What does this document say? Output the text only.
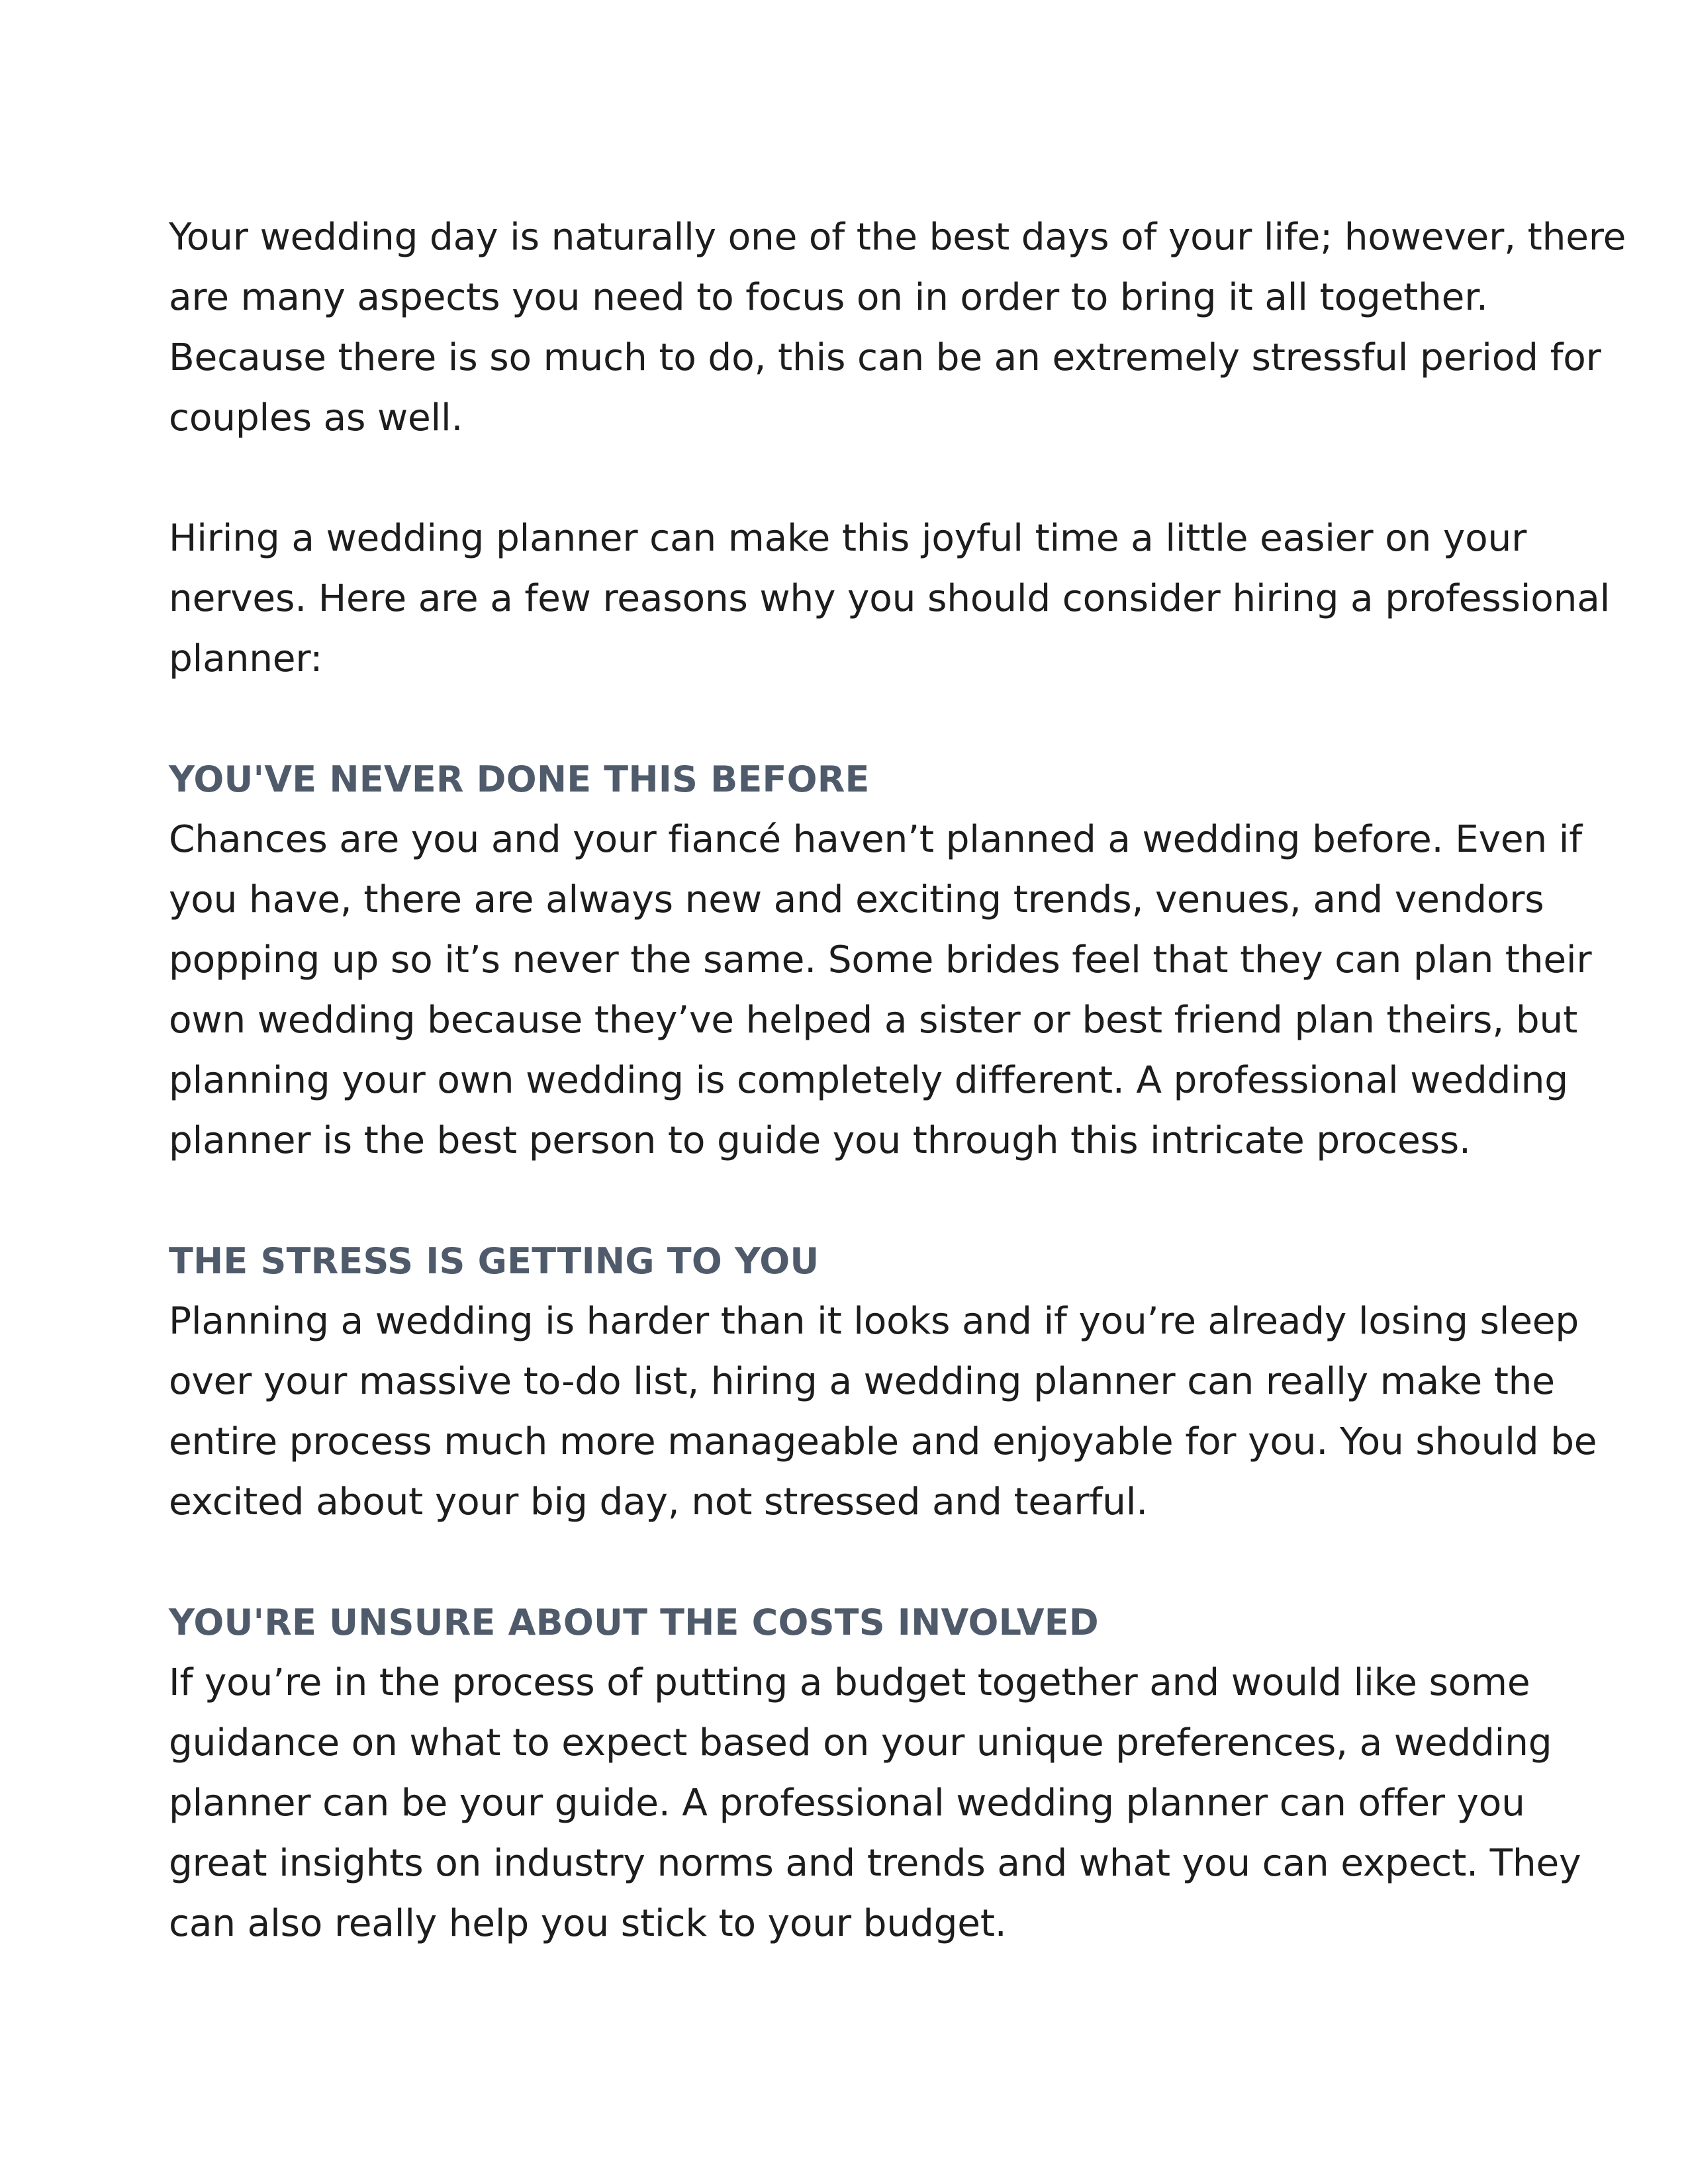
Your wedding day is naturally one of the best days of your life; however, there
are many aspects you need to focus on in order to bring it all together.
Because there is so much to do, this can be an extremely stressful period for
couples as well.

Hiring a wedding planner can make this joyful time a little easier on your
nerves. Here are a few reasons why you should consider hiring a professional
planner:

YOU'VE NEVER DONE THIS BEFORE

Chances are you and your fiancé haven’t planned a wedding before. Even if
you have, there are always new and exciting trends, venues, and vendors
popping up so it’s never the same. Some brides feel that they can plan their
own wedding because they’ve helped a sister or best friend plan theirs, but
planning your own wedding is completely different. A professional wedding
planner is the best person to guide you through this intricate process.

THE STRESS IS GETTING TO YOU

Planning a wedding is harder than it looks and if you’re already losing sleep
over your massive to-do list, hiring a wedding planner can really make the
entire process much more manageable and enjoyable for you. You should be
excited about your big day, not stressed and tearful.

YOU'RE UNSURE ABOUT THE COSTS INVOLVED

If you’re in the process of putting a budget together and would like some
guidance on what to expect based on your unique preferences, a wedding
planner can be your guide. A professional wedding planner can offer you
great insights on industry norms and trends and what you can expect. They
can also really help you stick to your budget.
